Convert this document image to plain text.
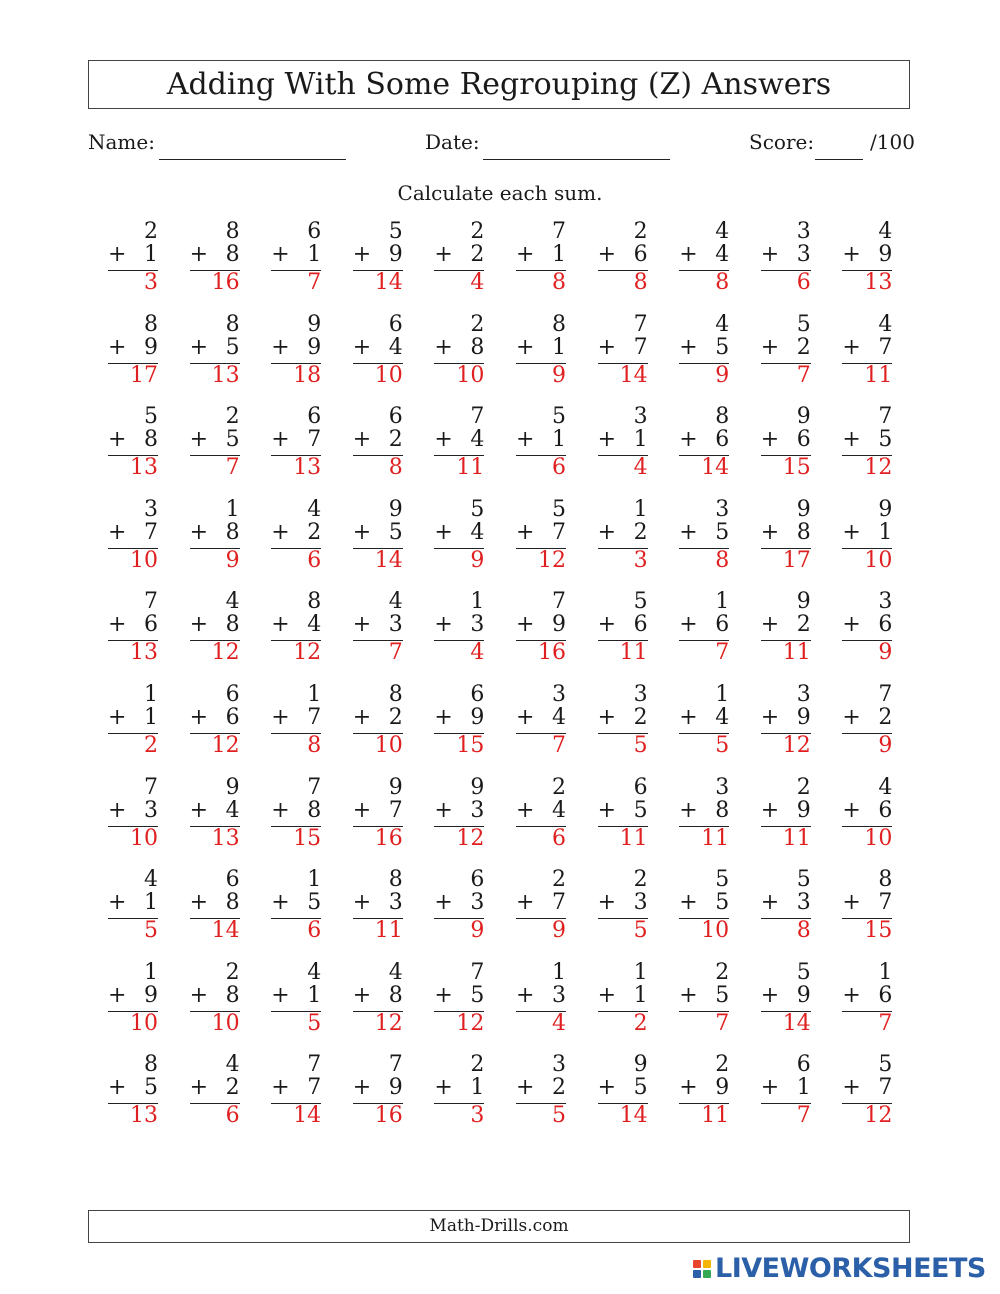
Adding With Some Regrouping (Z) Answers
Name:	Date:	Score:	/100
Calculate each sum.
2
+ 1
3
8
+ 8
16
6
+ 1
7
5
+ 9
14
2
+ 2
4
7
+ 1
8
2
+ 6
8
4
+ 4
8
3
+ 3
6
4
+ 9
13
8
+ 9
17
8
+ 5
13
9
+ 9
18
6
+ 4
10
2
+ 8
10
8
+ 1
9
7
+ 7
14
4
+ 5
9
5
+ 2
7
4
+ 7
11
5
+ 8
13
2
+ 5
7
6
+ 7
13
6
+ 2
8
7
+ 4
11
5
+ 1
6
3
+ 1
4
8
+ 6
14
9
+ 6
15
7
+ 5
12
3
+ 7
10
1
+ 8
9
4
+ 2
6
9
+ 5
14
5
+ 4
9
5
+ 7
12
1
+ 2
3
3
+ 5
8
9
+ 8
17
9
+ 1
10
7
+ 6
13
4
+ 8
12
8
+ 4
12
4
+ 3
7
1
+ 3
4
7
+ 9
16
5
+ 6
11
1
+ 6
7
9
+ 2
11
3
+ 6
9
1
+ 1
2
6
+ 6
12
1
+ 7
8
8
+ 2
10
6
+ 9
15
3
+ 4
7
3
+ 2
5
1
+ 4
5
3
+ 9
12
7
+ 2
9
7
+ 3
10
9
+ 4
13
7
+ 8
15
9
+ 7
16
9
+ 3
12
2
+ 4
6
6
+ 5
11
3
+ 8
11
2
+ 9
11
4
+ 6
10
4
+ 1
5
6
+ 8
14
1
+ 5
6
8
+ 3
11
6
+ 3
9
2
+ 7
9
2
+ 3
5
5
+ 5
10
5
+ 3
8
8
+ 7
15
1
+ 9
10
2
+ 8
10
4
+ 1
5
4
+ 8
12
7
+ 5
12
1
+ 3
4
1
+ 1
2
2
+ 5
7
5
+ 9
14
1
+ 6
7
8
+ 5
13
4
+ 2
6
7
+ 7
14
7
+ 9
16
2
+ 1
3
3
+ 2
5
9
+ 5
14
2
+ 9
11
6
+ 1
7
5
+ 7
12
Math-Drills.com
LIVEWORKSHEETS
